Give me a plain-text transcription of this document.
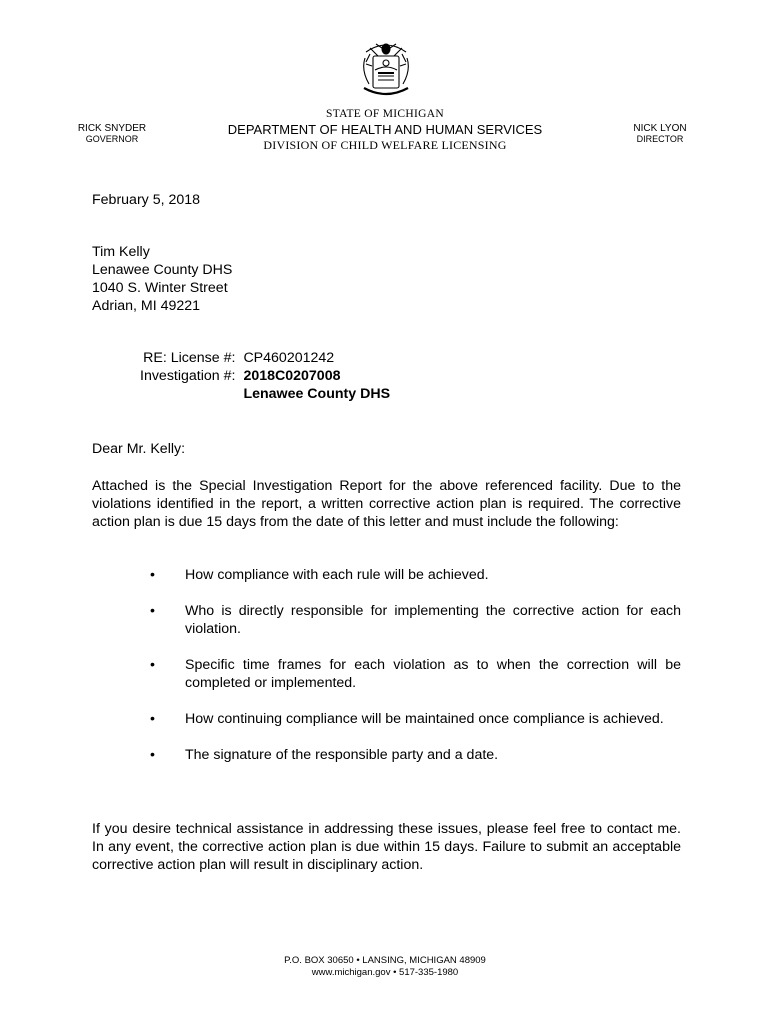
STATE OF MICHIGAN
DEPARTMENT OF HEALTH AND HUMAN SERVICES
DIVISION OF CHILD WELFARE LICENSING
RICK SNYDER
GOVERNOR
NICK LYON
DIRECTOR
February 5, 2018
Tim Kelly
Lenawee County DHS
1040 S. Winter Street
Adrian, MI 49221
RE: License #:	CP460201242
Investigation #:	2018C0207008
	Lenawee County DHS
Dear Mr. Kelly:
Attached is the Special Investigation Report for the above referenced facility. Due to the violations identified in the report, a written corrective action plan is required. The corrective action plan is due 15 days from the date of this letter and must include the following:
• How compliance with each rule will be achieved.
• Who is directly responsible for implementing the corrective action for each violation.
• Specific time frames for each violation as to when the correction will be completed or implemented.
• How continuing compliance will be maintained once compliance is achieved.
• The signature of the responsible party and a date.
If you desire technical assistance in addressing these issues, please feel free to contact me. In any event, the corrective action plan is due within 15 days. Failure to submit an acceptable corrective action plan will result in disciplinary action.
P.O. BOX 30650 • LANSING, MICHIGAN 48909
www.michigan.gov • 517-335-1980
